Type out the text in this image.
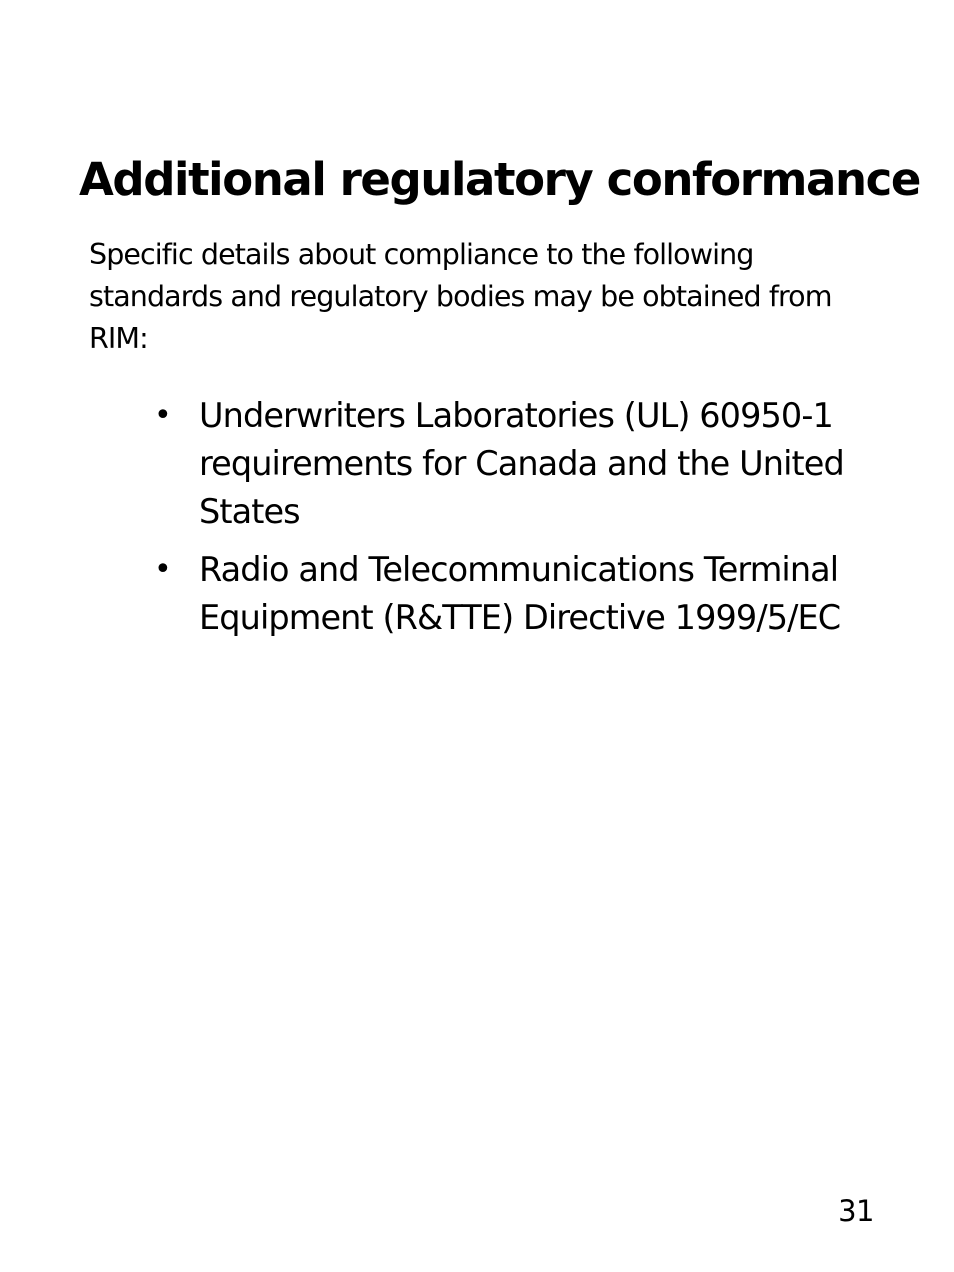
Additional regulatory conformance

Specific details about compliance to the following standards and regulatory bodies may be obtained from RIM:

• Underwriters Laboratories (UL) 60950-1 requirements for Canada and the United States
• Radio and Telecommunications Terminal Equipment (R&TTE) Directive 1999/5/EC
31
